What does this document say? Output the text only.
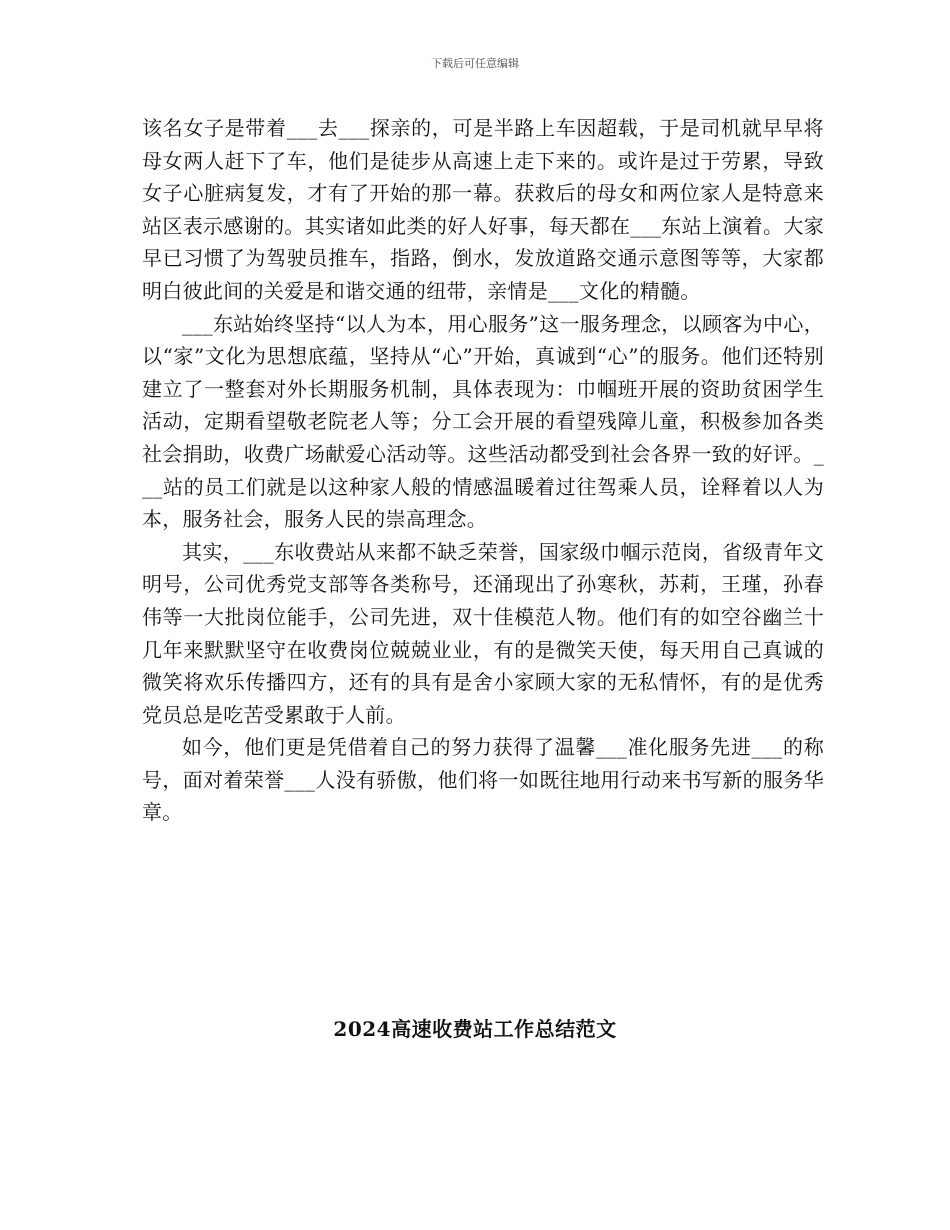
下载后可任意编辑

该名女子是带着___去___探亲的，可是半路上车因超载，于是司机就早早将母女两人赶下了车，他们是徒步从高速上走下来的。或许是过于劳累，导致女子心脏病复发，才有了开始的那一幕。获救后的母女和两位家人是特意来站区表示感谢的。其实诸如此类的好人好事，每天都在___东站上演着。大家早已习惯了为驾驶员推车，指路，倒水，发放道路交通示意图等等，大家都明白彼此间的关爱是和谐交通的纽带，亲情是___文化的精髓。

___东站始终坚持“以人为本，用心服务”这一服务理念，以顾客为中心，以“家”文化为思想底蕴，坚持从“心”开始，真诚到“心”的服务。他们还特别建立了一整套对外长期服务机制，具体表现为：巾帼班开展的资助贫困学生活动，定期看望敬老院老人等；分工会开展的看望残障儿童，积极参加各类社会捐助，收费广场献爱心活动等。这些活动都受到社会各界一致的好评。___站的员工们就是以这种家人般的情感温暖着过往驾乘人员，诠释着以人为本，服务社会，服务人民的崇高理念。

其实，___东收费站从来都不缺乏荣誉，国家级巾帼示范岗，省级青年文明号，公司优秀党支部等各类称号，还涌现出了孙寒秋，苏莉，王瑾，孙春伟等一大批岗位能手，公司先进，双十佳模范人物。他们有的如空谷幽兰十几年来默默坚守在收费岗位兢兢业业，有的是微笑天使，每天用自己真诚的微笑将欢乐传播四方，还有的具有是舍小家顾大家的无私情怀，有的是优秀党员总是吃苦受累敢于人前。

如今，他们更是凭借着自己的努力获得了温馨___准化服务先进___的称号，面对着荣誉___人没有骄傲，他们将一如既往地用行动来书写新的服务华章。

2024高速收费站工作总结范文
